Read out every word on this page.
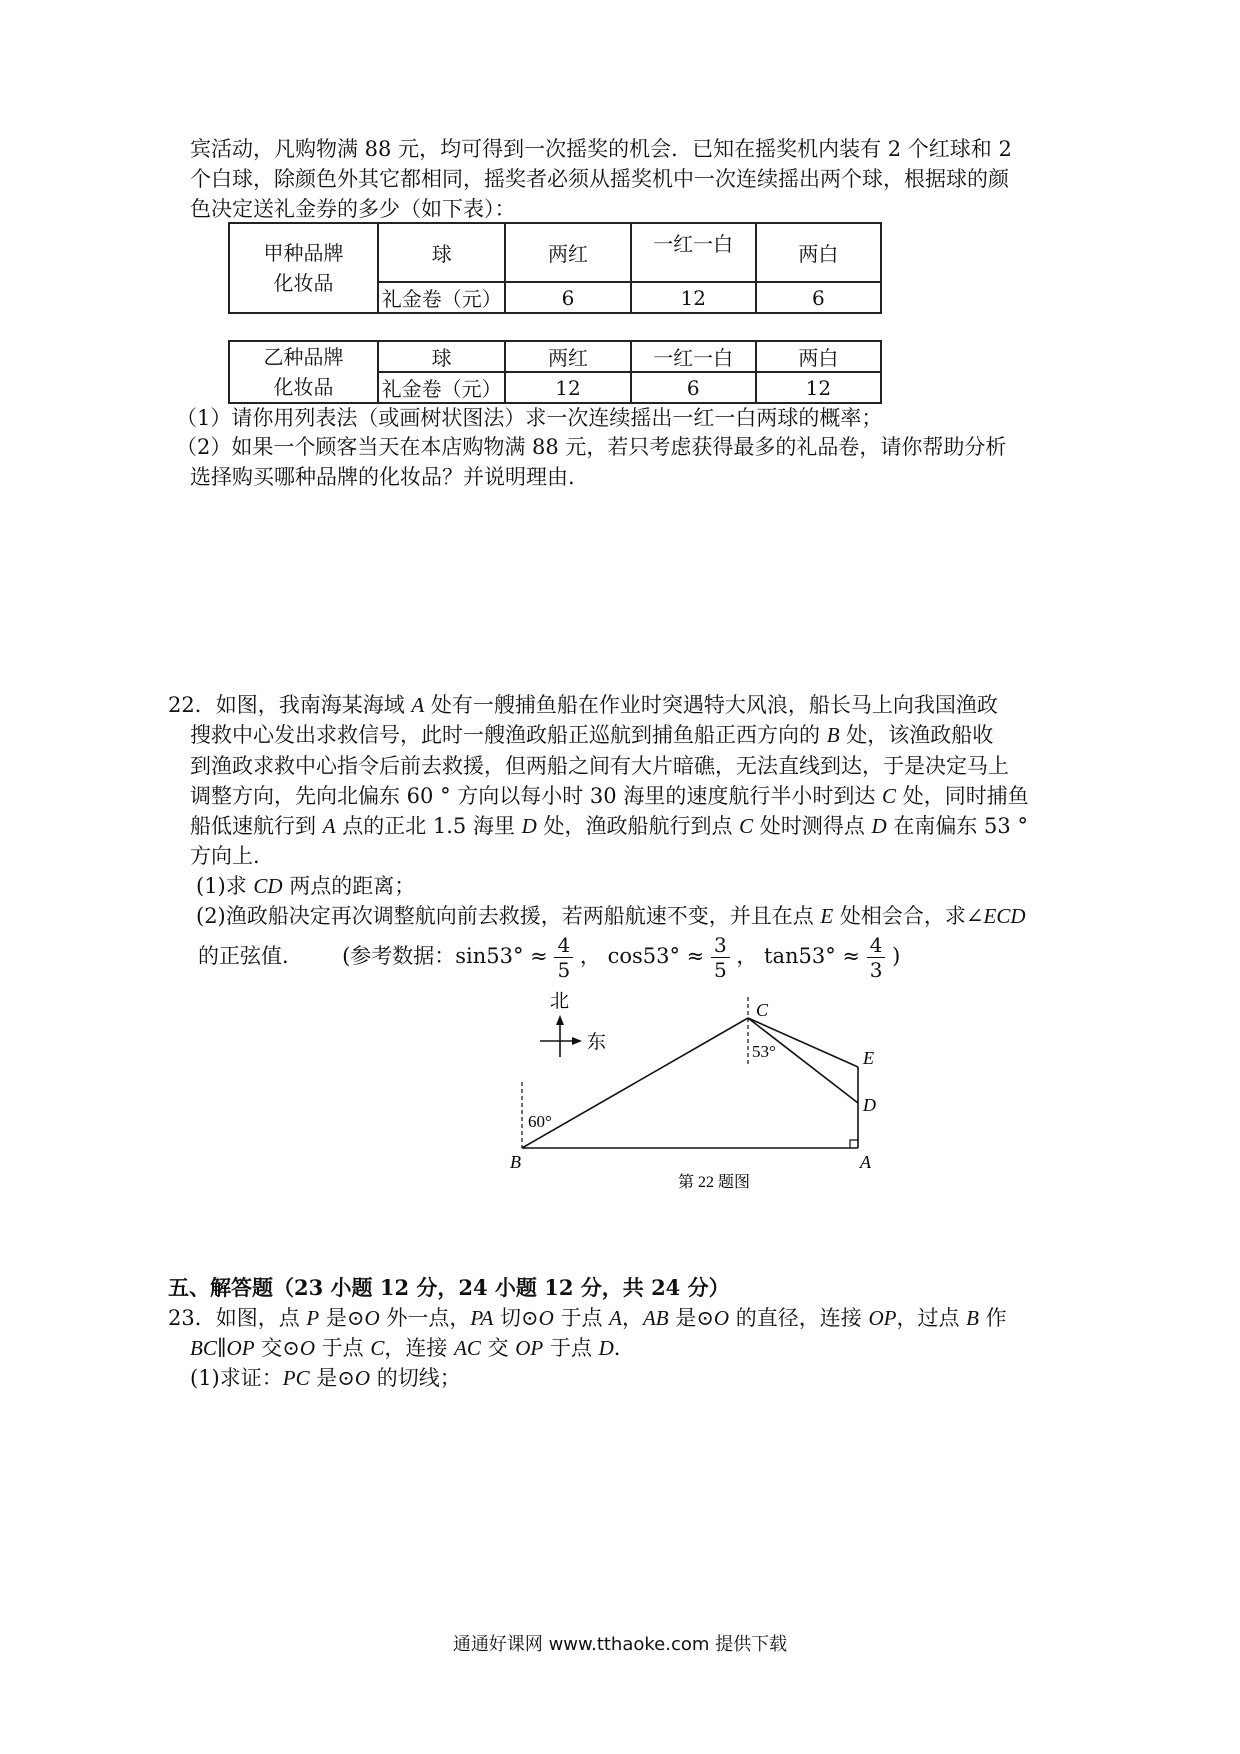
宾活动，凡购物满 88 元，均可得到一次摇奖的机会．已知在摇奖机内装有 2 个红球和 2
个白球，除颜色外其它都相同，摇奖者必须从摇奖机中一次连续摇出两个球，根据球的颜
色决定送礼金券的多少（如下表）：
甲种品牌
化妆品	球	两红	一红一白	两白
	礼金卷（元）	6	12	6
乙种品牌
化妆品	球	两红	一红一白	两白
	礼金卷（元）	12	6	12
（1）请你用列表法（或画树状图法）求一次连续摇出一红一白两球的概率；
（2）如果一个顾客当天在本店购物满 88 元，若只考虑获得最多的礼品卷，请你帮助分析
选择购买哪种品牌的化妆品？并说明理由.
22．如图，我南海某海域 A 处有一艘捕鱼船在作业时突遇特大风浪，船长马上向我国渔政
搜救中心发出求救信号，此时一艘渔政船正巡航到捕鱼船正西方向的 B 处，该渔政船收
到渔政求救中心指令后前去救援，但两船之间有大片暗礁，无法直线到达，于是决定马上
调整方向，先向北偏东 60 ° 方向以每小时 30 海里的速度航行半小时到达 C 处，同时捕鱼
船低速航行到 A 点的正北 1.5 海里 D 处，渔政船航行到点 C 处时测得点 D 在南偏东 53 °
方向上.
(1)求 CD 两点的距离；
(2)渔政船决定再次调整航向前去救援，若两船航速不变，并且在点 E 处相会合，求∠ECD
的正弦值.	(参考数据：$\sin 53^\circ \approx \frac{4}{5}$ ， $\cos 53^\circ \approx \frac{3}{5}$ ， $\tan 53^\circ \approx \frac{4}{3}$ )
北
东
B	A
C
D
E
60°
53°
第 22 题图
五、解答题（23 小题 12 分，24 小题 12 分，共 24 分）
23．如图，点 P 是⊙O 外一点，PA 切⊙O 于点 A，AB 是⊙O 的直径，连接 OP，过点 B 作
BC∥OP 交⊙O 于点 C，连接 AC 交 OP 于点 D.
(1)求证：PC 是⊙O 的切线；
通通好课网 www.tthaoke.com 提供下载
